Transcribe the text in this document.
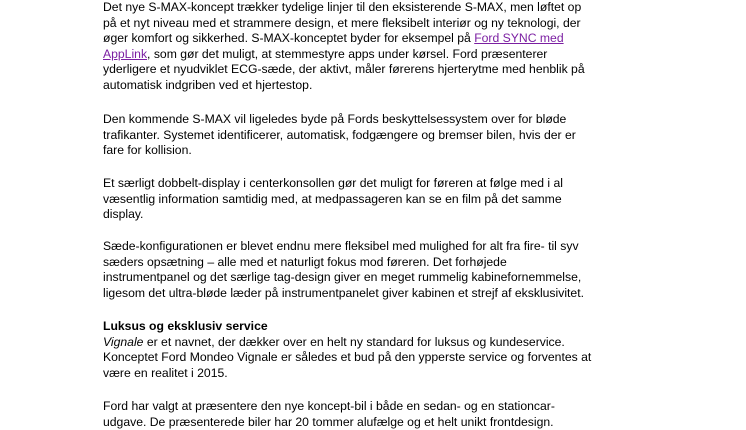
Det nye S-MAX-koncept trækker tydelige linjer til den eksisterende S-MAX, men løftet op
på et nyt niveau med et strammere design, et mere fleksibelt interiør og ny teknologi, der
øger komfort og sikkerhed. S-MAX-konceptet byder for eksempel på Ford SYNC med
AppLink, som gør det muligt, at stemmestyre apps under kørsel. Ford præsenterer
yderligere et nyudviklet ECG-sæde, der aktivt, måler førerens hjerterytme med henblik på
automatisk indgriben ved et hjertestop.
Den kommende S-MAX vil ligeledes byde på Fords beskyttelsessystem over for bløde
trafikanter. Systemet identificerer, automatisk, fodgængere og bremser bilen, hvis der er
fare for kollision.
Et særligt dobbelt-display i centerkonsollen gør det muligt for føreren at følge med i al
væsentlig information samtidig med, at medpassageren kan se en film på det samme
display.
Sæde-konfigurationen er blevet endnu mere fleksibel med mulighed for alt fra fire- til syv
sæders opsætning – alle med et naturligt fokus mod føreren. Det forhøjede
instrumentpanel og det særlige tag-design giver en meget rummelig kabinefornemmelse,
ligesom det ultra-bløde læder på instrumentpanelet giver kabinen et strejf af eksklusivitet.
Luksus og eksklusiv service
Vignale er et navnet, der dækker over en helt ny standard for luksus og kundeservice.
Konceptet Ford Mondeo Vignale er således et bud på den ypperste service og forventes at
være en realitet i 2015.
Ford har valgt at præsentere den nye koncept-bil i både en sedan- og en stationcar-
udgave. De præsenterede biler har 20 tommer alufælge og et helt unikt frontdesign.
